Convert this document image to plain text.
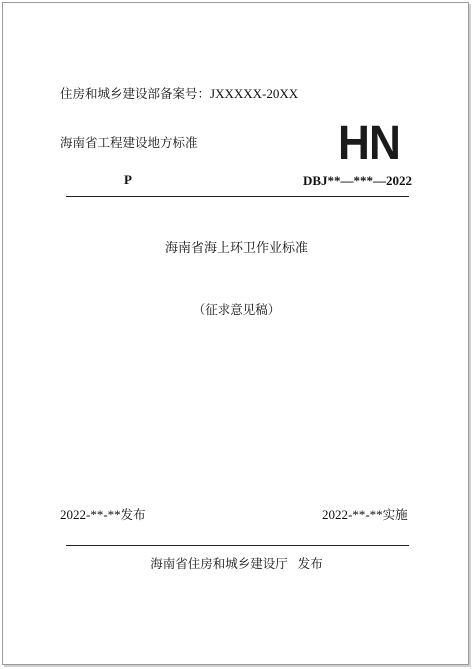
住房和城乡建设部备案号：JXXXXX-20XX
海南省工程建设地方标准	HN
P	DBJ**—***—2022
海南省海上环卫作业标准
（征求意见稿）
2022-**-**发布	2022-**-**实施
海南省住房和城乡建设厅 发布
